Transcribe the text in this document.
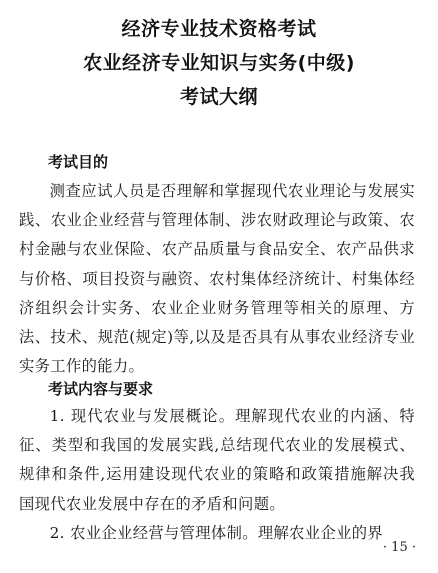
经济专业技术资格考试
农业经济专业知识与实务(中级)
考试大纲
考试目的

测查应试人员是否理解和掌握现代农业理论与发展实践、农业企业经营与管理体制、涉农财政理论与政策、农村金融与农业保险、农产品质量与食品安全、农产品供求与价格、项目投资与融资、农村集体经济统计、村集体经济组织会计实务、农业企业财务管理等相关的原理、方法、技术、规范(规定)等,以及是否具有从事农业经济专业实务工作的能力。

考试内容与要求

1. 现代农业与发展概论。理解现代农业的内涵、特征、类型和我国的发展实践,总结现代农业的发展模式、规律和条件,运用建设现代农业的策略和政策措施解决我国现代农业发展中存在的矛盾和问题。

2. 农业企业经营与管理体制。理解农业企业的界

· 15 ·
